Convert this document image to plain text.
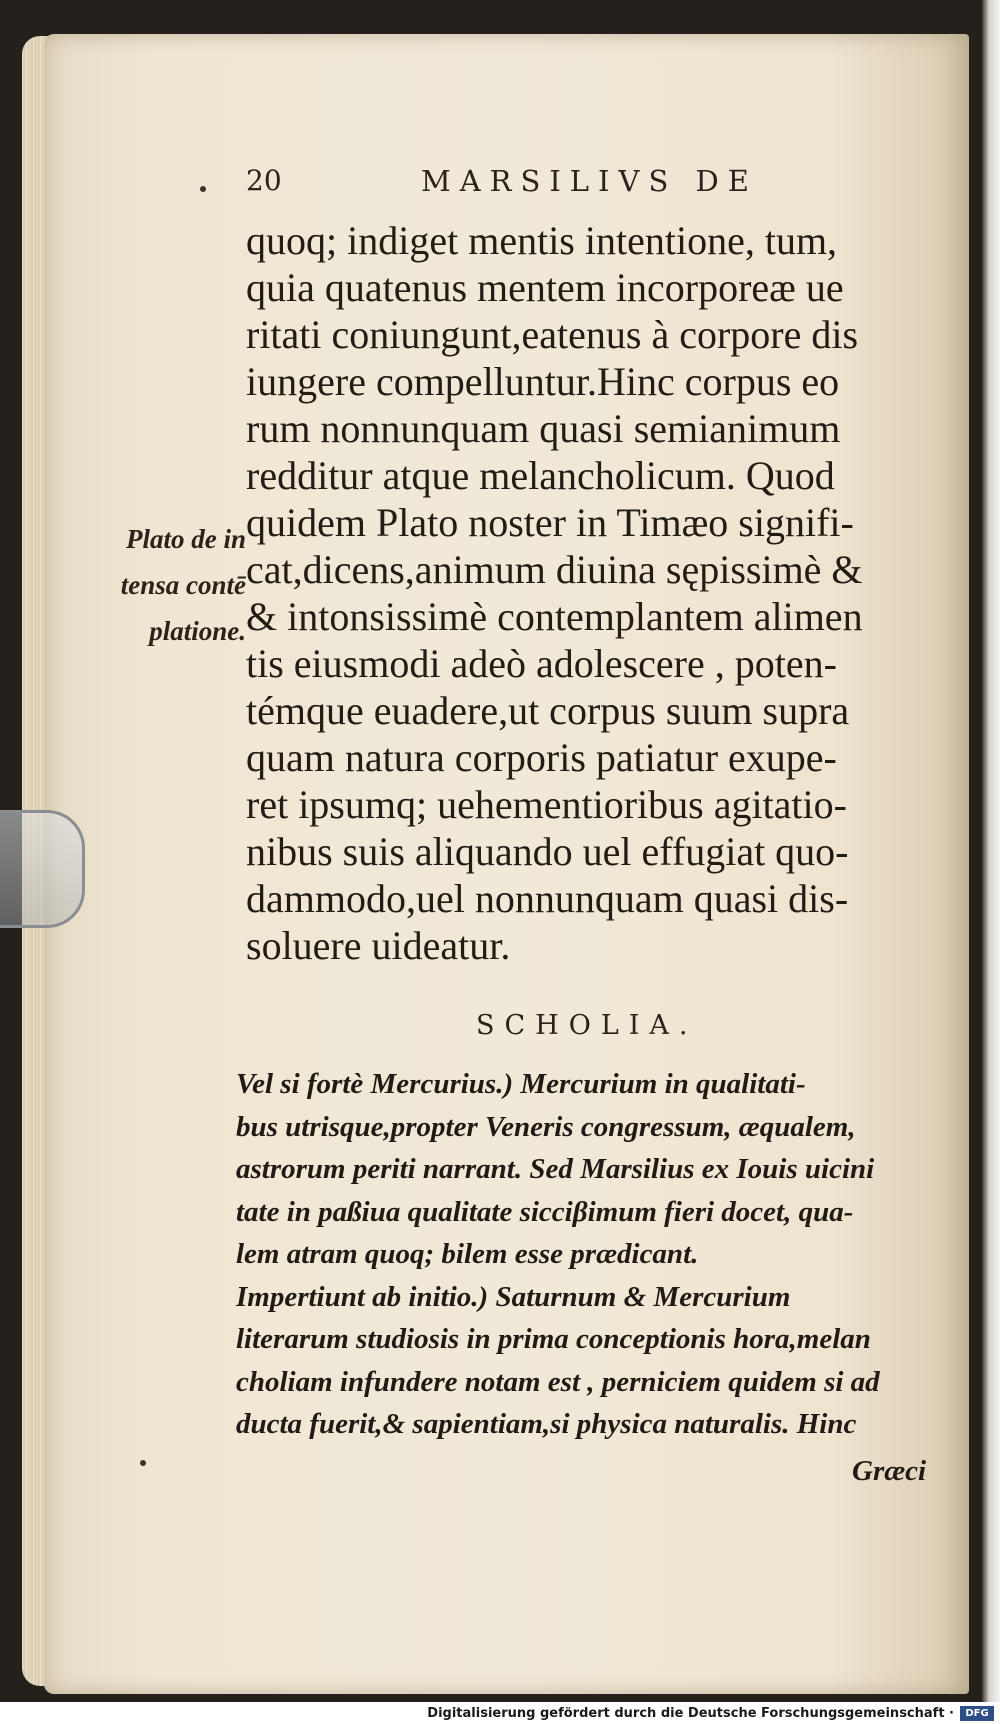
20	MARSILIVS DE
quoq; indiget mentis intentione, tum,
quia quatenus mentem incorporeæ ue
ritati coniungunt,eatenus à corpore dis
iungere compelluntur.Hinc corpus eo
rum nonnunquam quasi semianimum
redditur atque melancholicum. Quod
quidem Plato noster in Timæo signifi-
cat,dicens,animum diuina sępissimè &
& intonsissimè contemplantem alimen
tis eiusmodi adeò adolescere , poten-
témque euadere,ut corpus suum supra
quam natura corporis patiatur exupe-
ret ipsumq; uehementioribus agitatio-
nibus suis aliquando uel effugiat quo-
dammodo,uel nonnunquam quasi dis-
soluere uideatur.
Plato de in
tensa contē
platione.
SCHOLIA.
Vel si fortè Mercurius.) Mercurium in qualitati-
bus utrisque,propter Veneris congressum, æqualem,
astrorum periti narrant. Sed Marsilius ex Iouis uicini
tate in paßiua qualitate sicciβimum fieri docet, qua-
lem atram quoq; bilem esse prædicant.
Impertiunt ab initio.) Saturnum & Mercurium
literarum studiosis in prima conceptionis hora,melan
choliam infundere notam est , perniciem quidem si ad
ducta fuerit,& sapientiam,si physica naturalis. Hinc
Græci
Digitalisierung gefördert durch die Deutsche Forschungsgemeinschaft ·	DFG
